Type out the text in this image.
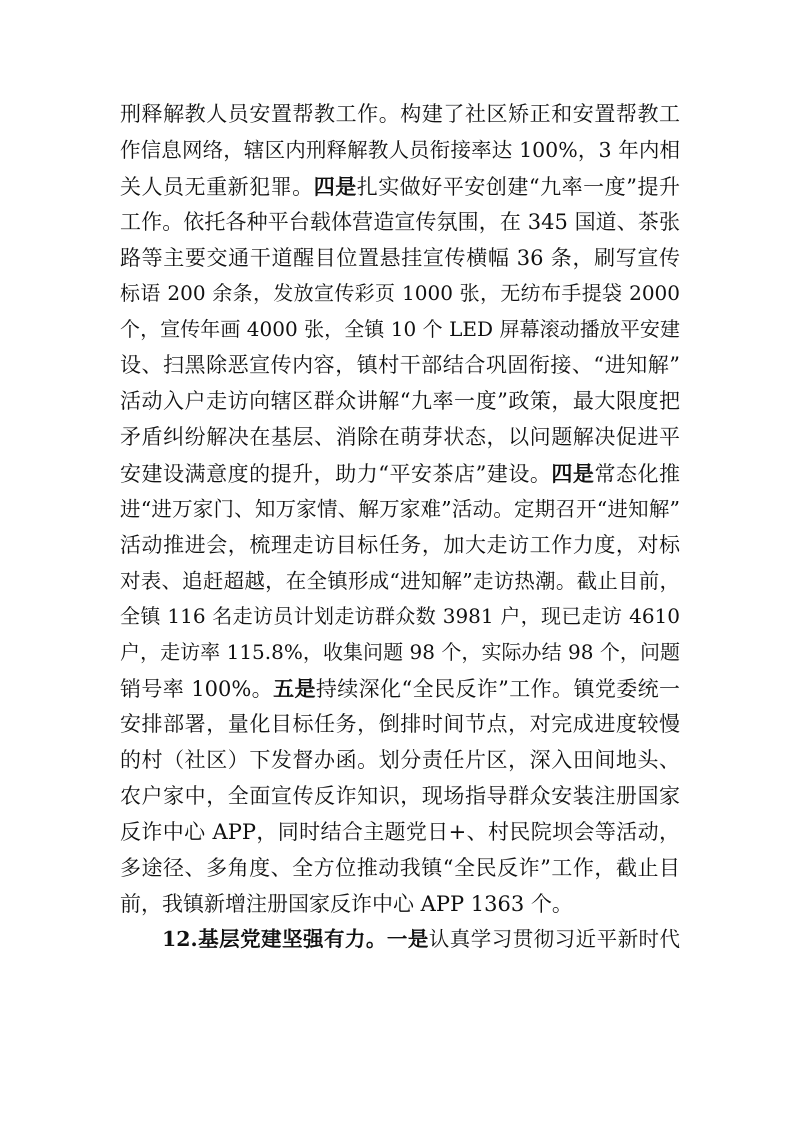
刑释解教人员安置帮教工作。构建了社区矫正和安置帮教工
作信息网络，辖区内刑释解教人员衔接率达 100%，3 年内相
关人员无重新犯罪。四是扎实做好平安创建“九率一度”提升
工作。依托各种平台载体营造宣传氛围，在 345 国道、茶张
路等主要交通干道醒目位置悬挂宣传横幅 36 条，刷写宣传
标语 200 余条，发放宣传彩页 1000 张，无纺布手提袋 2000
个，宣传年画 4000 张，全镇 10 个 LED 屏幕滚动播放平安建
设、扫黑除恶宣传内容，镇村干部结合巩固衔接、“进知解”
活动入户走访向辖区群众讲解“九率一度”政策，最大限度把
矛盾纠纷解决在基层、消除在萌芽状态，以问题解决促进平
安建设满意度的提升，助力“平安茶店”建设。四是常态化推
进“进万家门、知万家情、解万家难”活动。定期召开“进知解”
活动推进会，梳理走访目标任务，加大走访工作力度，对标
对表、追赶超越，在全镇形成“进知解”走访热潮。截止目前，
全镇 116 名走访员计划走访群众数 3981 户，现已走访 4610
户，走访率 115.8%，收集问题 98 个，实际办结 98 个，问题
销号率 100%。五是持续深化“全民反诈”工作。镇党委统一
安排部署，量化目标任务，倒排时间节点，对完成进度较慢
的村（社区）下发督办函。划分责任片区，深入田间地头、
农户家中，全面宣传反诈知识，现场指导群众安装注册国家
反诈中心 APP，同时结合主题党日+、村民院坝会等活动，
多途径、多角度、全方位推动我镇“全民反诈”工作，截止目
前，我镇新增注册国家反诈中心 APP 1363 个。
12.基层党建坚强有力。一是认真学习贯彻习近平新时代
